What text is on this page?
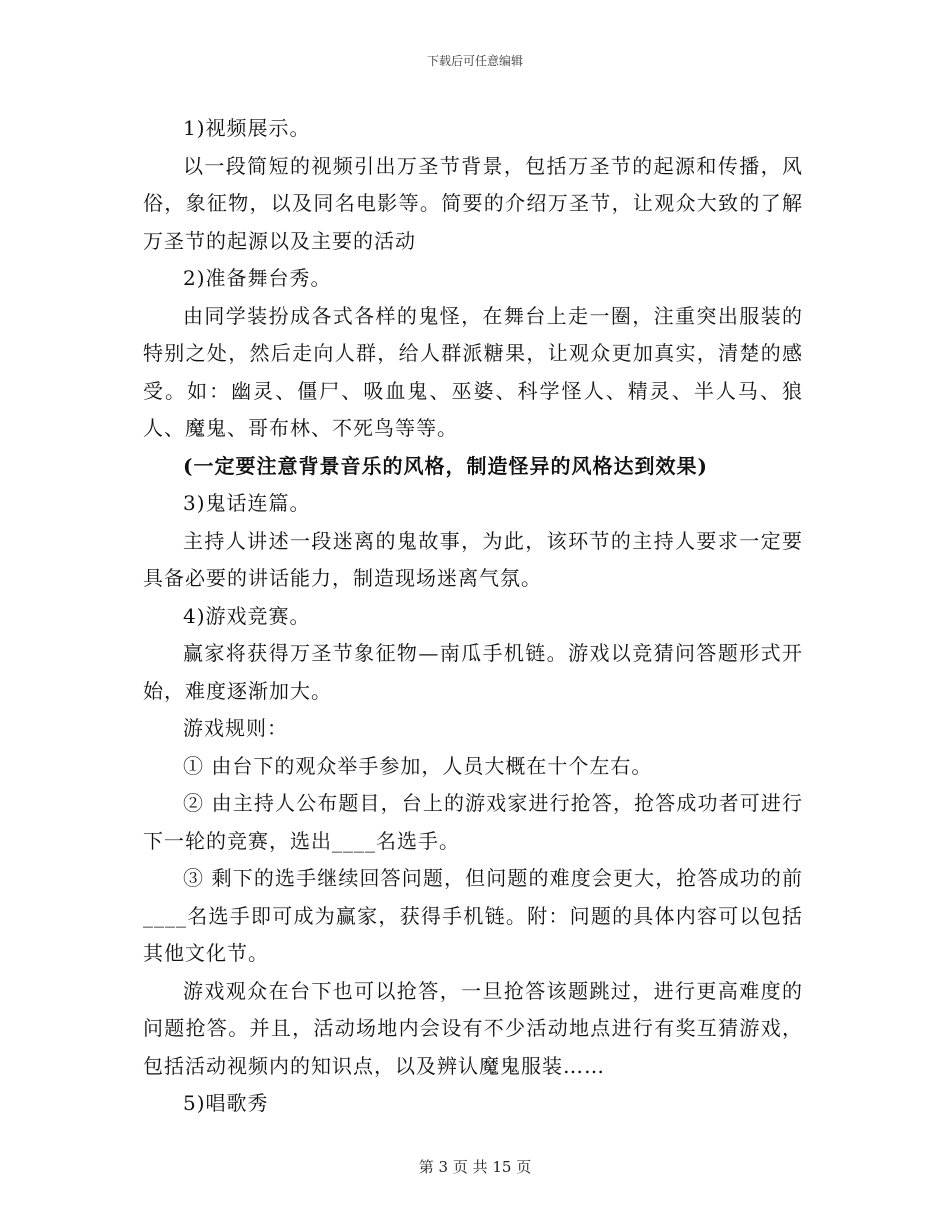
下载后可任意编辑

1)视频展示。

以一段简短的视频引出万圣节背景，包括万圣节的起源和传播，风俗，象征物，以及同名电影等。简要的介绍万圣节，让观众大致的了解万圣节的起源以及主要的活动

2)准备舞台秀。

由同学装扮成各式各样的鬼怪，在舞台上走一圈，注重突出服装的特别之处，然后走向人群，给人群派糖果，让观众更加真实，清楚的感受。如：幽灵、僵尸、吸血鬼、巫婆、科学怪人、精灵、半人马、狼人、魔鬼、哥布林、不死鸟等等。

(一定要注意背景音乐的风格，制造怪异的风格达到效果)

3)鬼话连篇。

主持人讲述一段迷离的鬼故事，为此，该环节的主持人要求一定要具备必要的讲话能力，制造现场迷离气氛。

4)游戏竞赛。

赢家将获得万圣节象征物—南瓜手机链。游戏以竞猜问答题形式开始，难度逐渐加大。

游戏规则：

① 由台下的观众举手参加，人员大概在十个左右。

② 由主持人公布题目，台上的游戏家进行抢答，抢答成功者可进行下一轮的竞赛，选出____名选手。

③ 剩下的选手继续回答问题，但问题的难度会更大，抢答成功的前____名选手即可成为赢家，获得手机链。附：问题的具体内容可以包括其他文化节。

游戏观众在台下也可以抢答，一旦抢答该题跳过，进行更高难度的问题抢答。并且，活动场地内会设有不少活动地点进行有奖互猜游戏，包括活动视频内的知识点，以及辨认魔鬼服装……

5)唱歌秀

第 3 页 共 15 页
